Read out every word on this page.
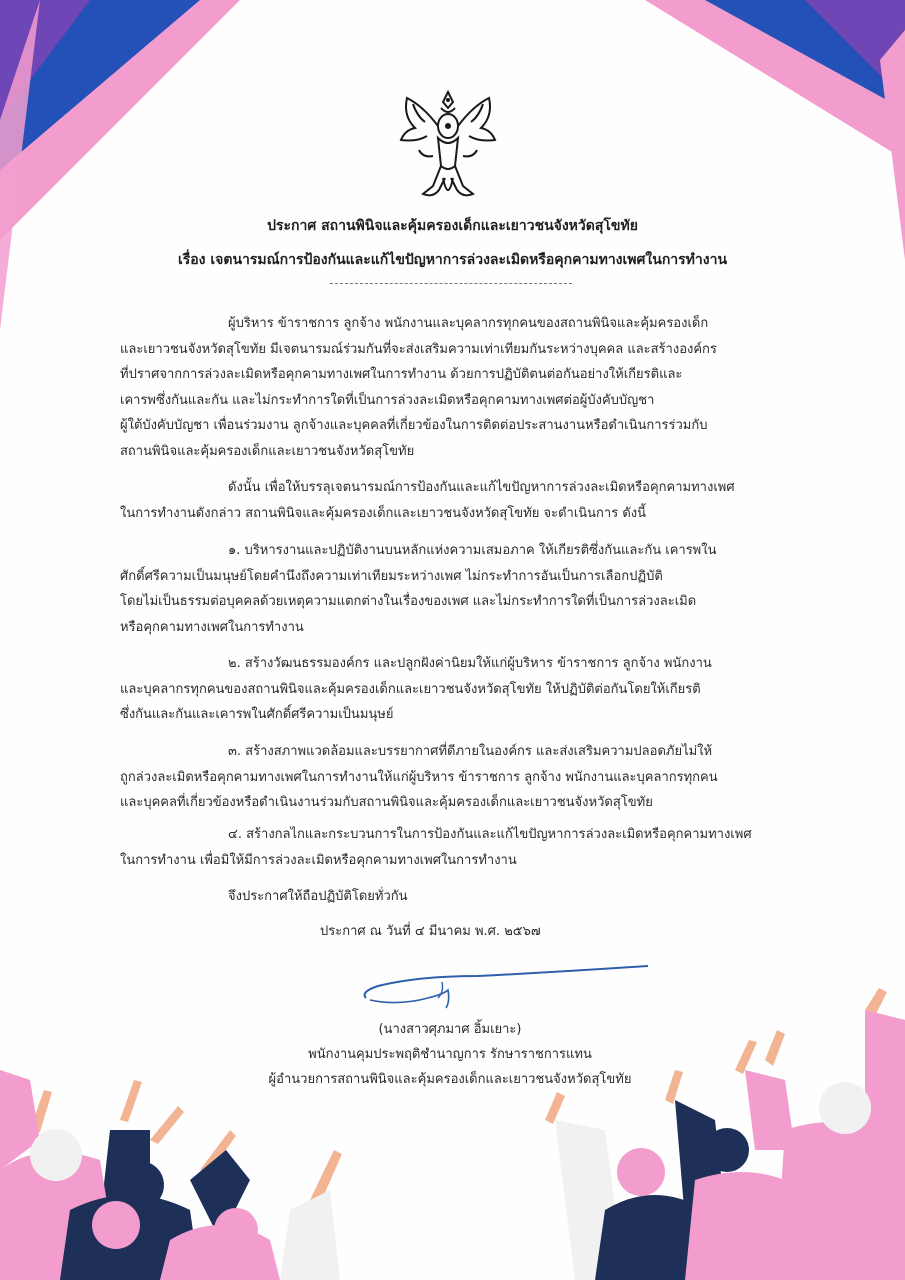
ประกาศ สถานพินิจและคุ้มครองเด็กและเยาวชนจังหวัดสุโขทัย
เรื่อง เจตนารมณ์การป้องกันและแก้ไขปัญหาการล่วงละเมิดหรือคุกคามทางเพศในการทำงาน
ผู้บริหาร ข้าราชการ ลูกจ้าง พนักงานและบุคลากรทุกคนของสถานพินิจและคุ้มครองเด็ก
และเยาวชนจังหวัดสุโขทัย มีเจตนารมณ์ร่วมกันที่จะส่งเสริมความเท่าเทียมกันระหว่างบุคคล และสร้างองค์กร
ที่ปราศจากการล่วงละเมิดหรือคุกคามทางเพศในการทำงาน ด้วยการปฏิบัติตนต่อกันอย่างให้เกียรติและ
เคารพซึ่งกันและกัน และไม่กระทำการใดที่เป็นการล่วงละเมิดหรือคุกคามทางเพศต่อผู้บังคับบัญชา
ผู้ใต้บังคับบัญชา เพื่อนร่วมงาน ลูกจ้างและบุคคลที่เกี่ยวข้องในการติดต่อประสานงานหรือดำเนินการร่วมกับ
สถานพินิจและคุ้มครองเด็กและเยาวชนจังหวัดสุโขทัย
ดังนั้น เพื่อให้บรรลุเจตนารมณ์การป้องกันและแก้ไขปัญหาการล่วงละเมิดหรือคุกคามทางเพศ
ในการทำงานดังกล่าว สถานพินิจและคุ้มครองเด็กและเยาวชนจังหวัดสุโขทัย จะดำเนินการ ดังนี้
๑. บริหารงานและปฏิบัติงานบนหลักแห่งความเสมอภาค ให้เกียรติซึ่งกันและกัน เคารพใน
ศักดิ์ศรีความเป็นมนุษย์โดยคำนึงถึงความเท่าเทียมระหว่างเพศ ไม่กระทำการอันเป็นการเลือกปฏิบัติ
โดยไม่เป็นธรรมต่อบุคคลด้วยเหตุความแตกต่างในเรื่องของเพศ และไม่กระทำการใดที่เป็นการล่วงละเมิด
หรือคุกคามทางเพศในการทำงาน
๒. สร้างวัฒนธรรมองค์กร และปลูกฝังค่านิยมให้แก่ผู้บริหาร ข้าราชการ ลูกจ้าง พนักงาน
และบุคลากรทุกคนของสถานพินิจและคุ้มครองเด็กและเยาวชนจังหวัดสุโขทัย ให้ปฏิบัติต่อกันโดยให้เกียรติ
ซึ่งกันและกันและเคารพในศักดิ์ศรีความเป็นมนุษย์
๓. สร้างสภาพแวดล้อมและบรรยากาศที่ดีภายในองค์กร และส่งเสริมความปลอดภัยไม่ให้
ถูกล่วงละเมิดหรือคุกคามทางเพศในการทำงานให้แก่ผู้บริหาร ข้าราชการ ลูกจ้าง พนักงานและบุคลากรทุกคน
และบุคคลที่เกี่ยวข้องหรือดำเนินงานร่วมกับสถานพินิจและคุ้มครองเด็กและเยาวชนจังหวัดสุโขทัย
๔. สร้างกลไกและกระบวนการในการป้องกันและแก้ไขปัญหาการล่วงละเมิดหรือคุกคามทางเพศ
ในการทำงาน เพื่อมิให้มีการล่วงละเมิดหรือคุกคามทางเพศในการทำงาน
จึงประกาศให้ถือปฏิบัติโดยทั่วกัน
ประกาศ ณ วันที่ ๔ มีนาคม พ.ศ. ๒๕๖๗
(นางสาวศุภมาศ อิ้มเยาะ)
พนักงานคุมประพฤติชำนาญการ รักษาราชการแทน
ผู้อำนวยการสถานพินิจและคุ้มครองเด็กและเยาวชนจังหวัดสุโขทัย
